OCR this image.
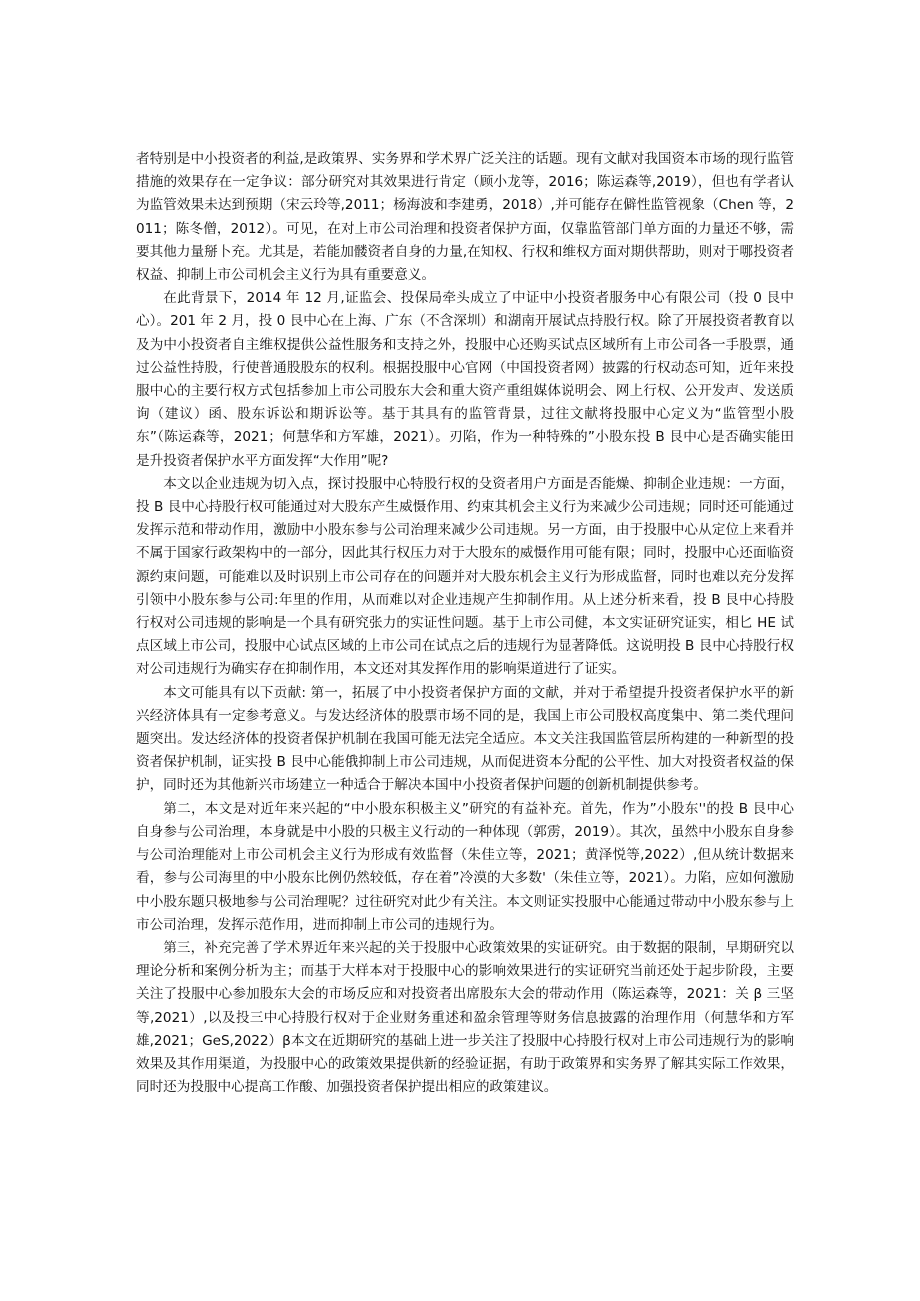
者特别是中小投资者的利益,是政策界、实务界和学术界广泛关注的话题。现有文献对我国资本市场的现行监管措施的效果存在一定争议：部分研究对其效果进行肯定（顾小龙等，2016；陈运森等,2019），但也有学者认为监管效果未达到预期（宋云玲等,2011；杨海波和李建勇，2018）,并可能存在僻性监管视象（Chen 等，2011；陈冬僧，2012）。可见，在对上市公司治理和投资者保护方面，仅靠监管部门单方面的力量还不够，需要其他力量掰卜充。尤其是，若能加髅资者自身的力量,在知权、行权和维权方面对期供帮助，则对于哪投资者权益、抑制上市公司机会主义行为具有重要意义。

在此背景下，2014 年 12 月,证监会、投保局牵头成立了中证中小投资者服务中心有限公司（投 0 艮中心）。201 年 2 月，投 0 艮中心在上海、广东（不含深圳）和湖南开展试点持股行权。除了开展投资者教育以及为中小投资者自主维权提供公益性服务和支持之外，投服中心还购买试点区域所有上市公司各一手股票，通过公益性持股，行使普通股股东的权利。根据投服中心官网（中国投资者网）披露的行权动态可知，近年来投服中心的主要行权方式包括参加上市公司股东大会和重大资产重组媒体说明会、网上行权、公开发声、发送质询（建议）函、股东诉讼和期诉讼等。基于其具有的监管背景，过往文献将投服中心定义为“监管型小股东”（陈运森等，2021；何慧华和方军雄，2021）。刃陷，作为一种特殊的”小股东投 B 艮中心是否确实能田是升投资者保护水平方面发挥“大作用”呢?

本文以企业违规为切入点，探讨投服中心特股行权的殳资者用户方面是否能燥、抑制企业违规：一方面，投 B 艮中心持股行权可能通过对大股东产生威慑作用、约束其机会主义行为来减少公司违规；同时还可能通过发挥示范和带动作用，激励中小股东参与公司治理来减少公司违规。另一方面，由于投服中心从定位上来看并不属于国家行政架构中的一部分，因此其行权压力对于大股东的威慑作用可能有限；同时，投服中心还面临资源约束问题，可能难以及时识别上市公司存在的问题并对大股东机会主义行为形成监督，同时也难以充分发挥引领中小股东参与公司:年里的作用，从而难以对企业违规产生抑制作用。从上述分析来看，投 B 艮中心持股行权对公司违规的影响是一个具有研究张力的实证性问题。基于上市公司健，本文实证研究证实，相匕 HE 试点区域上市公司，投服中心试点区域的上市公司在试点之后的违规行为显著降低。这说明投 B 艮中心持股行权对公司违规行为确实存在抑制作用，本文还对其发挥作用的影响渠道进行了证实。

本文可能具有以下贡献: 第一，拓展了中小投资者保护方面的文献，并对于希望提升投资者保护水平的新兴经济体具有一定参考意义。与发达经济体的股票市场不同的是，我国上市公司股权高度集中、第二类代理问题突出。发达经济体的投资者保护机制在我国可能无法完全适应。本文关注我国监管层所构建的一种新型的投资者保护机制，证实投 B 艮中心能俄抑制上市公司违规，从而促进资本分配的公平性、加大对投资者权益的保护，同时还为其他新兴市场建立一种适合于解决本国中小投资者保护问题的创新机制提供参考。

第二，本文是对近年来兴起的“中小股东积极主义”研究的有益补充。首先，作为”小股东''的投 B 艮中心自身参与公司治理，本身就是中小股的只极主义行动的一种体现（郭雳，2019）。其次，虽然中小股东自身参与公司治理能对上市公司机会主义行为形成有效监督（朱佳立等，2021；黄泽悦等,2022）,但从统计数据来看，参与公司海里的中小股东比例仍然较低，存在着”冷漠的大多数'（朱佳立等，2021）。力陷，应如何激励中小股东题只极地参与公司治理呢？过往研究对此少有关注。本文则证实投服中心能通过带动中小股东参与上市公司治理，发挥示范作用，进而抑制上市公司的违规行为。

第三，补充完善了学术界近年来兴起的关于投服中心政策效果的实证研究。由于数据的限制，早期研究以理论分析和案例分析为主；而基于大样本对于投服中心的影响效果进行的实证研究当前还处于起步阶段，主要关注了投服中心参加股东大会的市场反应和对投资者出席股东大会的带动作用（陈运森等，2021：关 β 三坚等,2021）,以及投三中心持股行权对于企业财务重述和盈余管理等财务信息披露的治理作用（何慧华和方军雄,2021；GeS,2022）β本文在近期研究的基础上进一步关注了投服中心持股行权对上市公司违规行为的影响效果及其作用渠道，为投服中心的政策效果提供新的经验证据，有助于政策界和实务界了解其实际工作效果，同时还为投服中心提高工作酸、加强投资者保护提出相应的政策建议。
